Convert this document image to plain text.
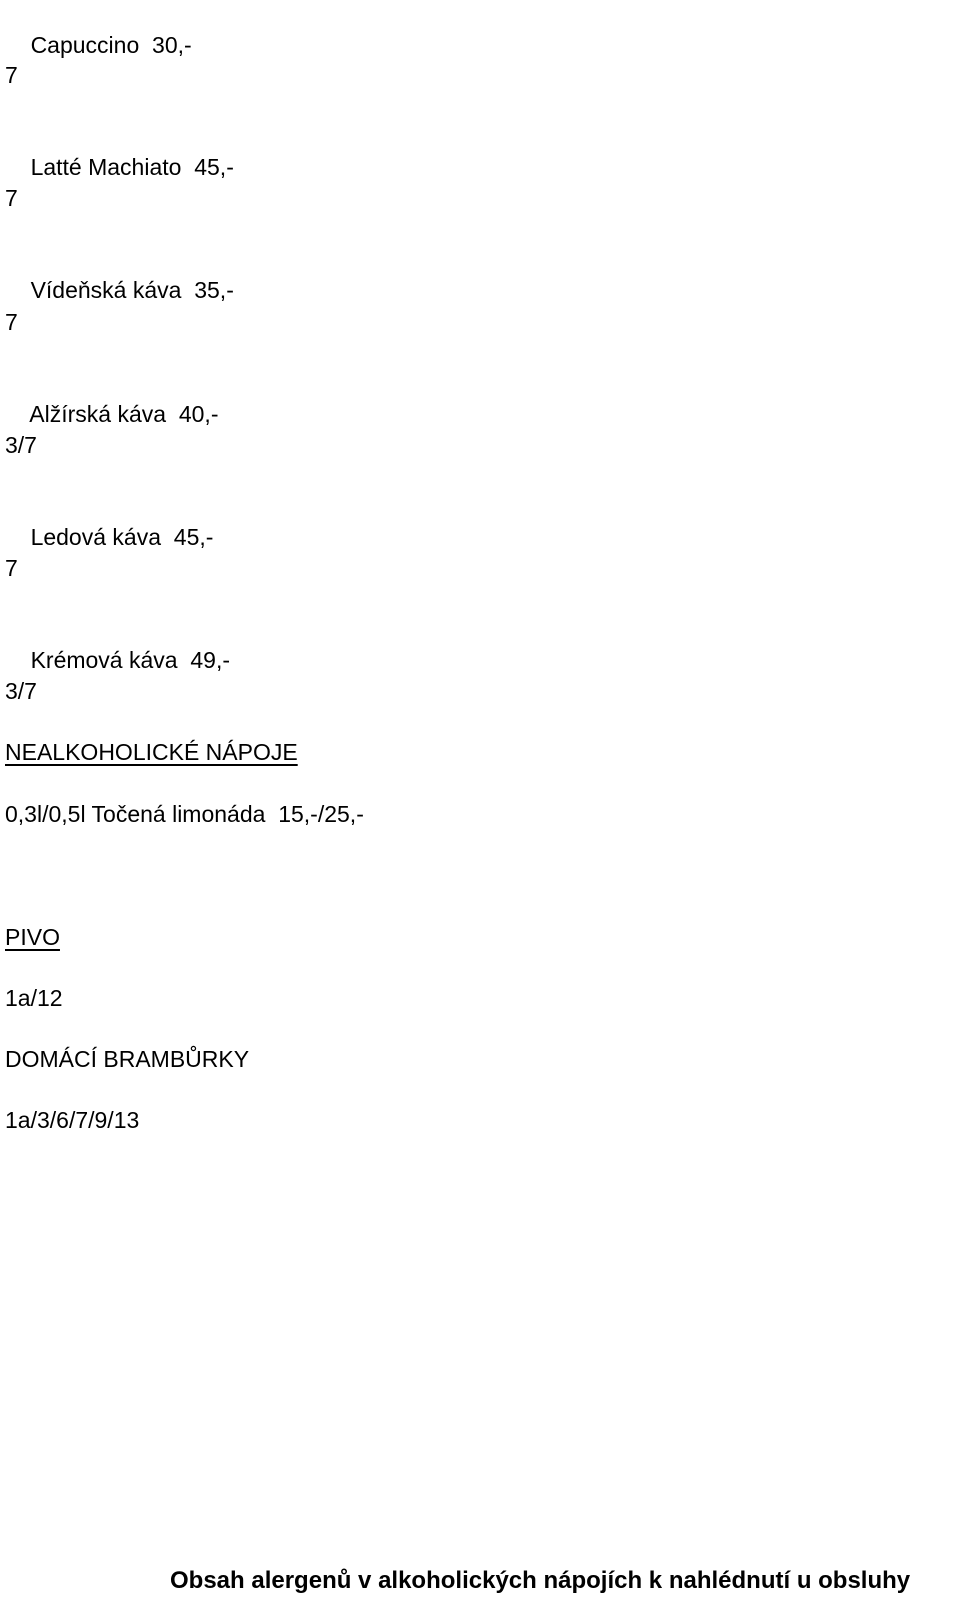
Capuccino 30,-

7

Latté Machiato 45,-

7

Vídeňská káva 35,-

7

Alžírská káva 40,-

3/7

Ledová káva 45,-

7

Krémová káva 49,-

3/7
NEALKOHOLICKÉ NÁPOJE
0,3l/0,5l Točená limonáda  15,-/25,-
PIVO
1a/12
DOMÁCÍ BRAMBŮRKY
1a/3/6/7/9/13
Obsah alergenů v alkoholických nápojích k nahlédnutí u obsluhy
